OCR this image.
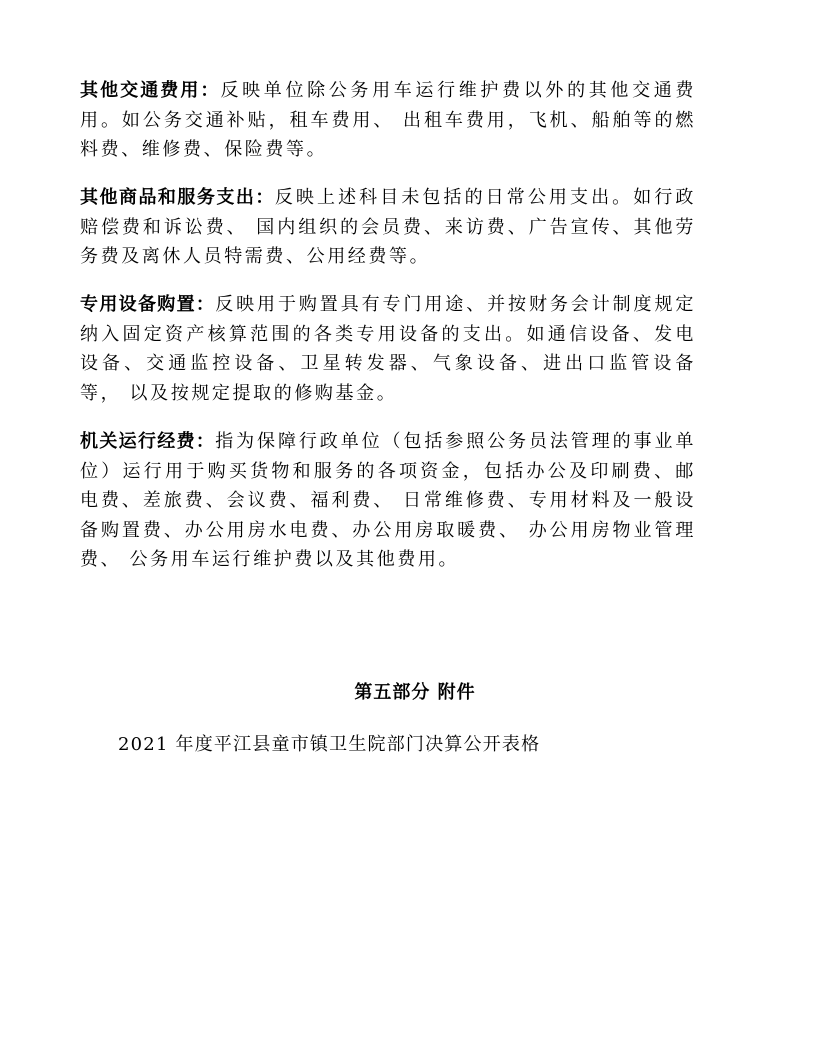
其他交通费用：反映单位除公务用车运行维护费以外的其他交通费用。如公务交通补贴，租车费用、 出租车费用，飞机、船舶等的燃料费、维修费、保险费等。

其他商品和服务支出：反映上述科目未包括的日常公用支出。如行政赔偿费和诉讼费、 国内组织的会员费、来访费、广告宣传、其他劳务费及离休人员特需费、公用经费等。

专用设备购置：反映用于购置具有专门用途、并按财务会计制度规定纳入固定资产核算范围的各类专用设备的支出。如通信设备、发电设备、交通监控设备、卫星转发器、气象设备、进出口监管设备等， 以及按规定提取的修购基金。

机关运行经费：指为保障行政单位（包括参照公务员法管理的事业单位）运行用于购买货物和服务的各项资金，包括办公及印刷费、邮电费、差旅费、会议费、福利费、 日常维修费、专用材料及一般设备购置费、办公用房水电费、办公用房取暖费、 办公用房物业管理费、 公务用车运行维护费以及其他费用。

第五部分 附件

2021 年度平江县童市镇卫生院部门决算公开表格
